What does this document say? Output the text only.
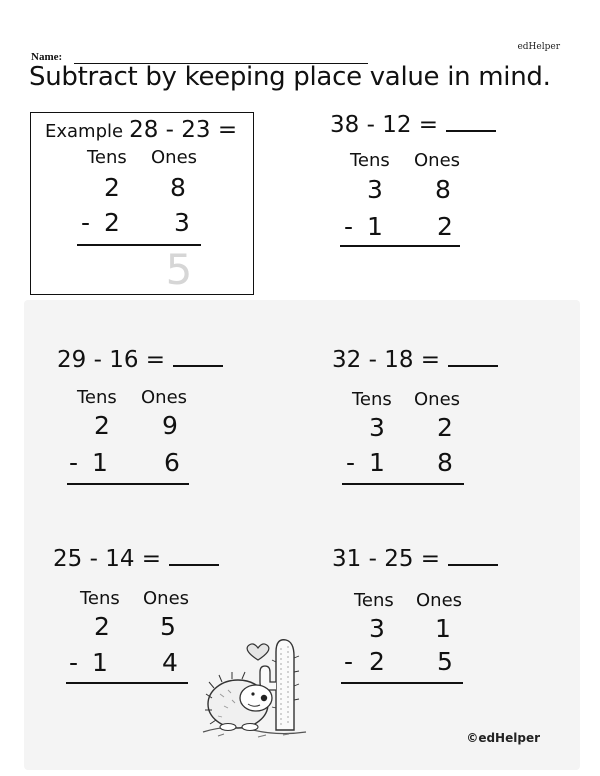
edHelper
Name:
Subtract by keeping place value in mind.
Example 28 - 23 =
Tens Ones
2 8
- 2 3
5
38 - 12 =
Tens Ones
3 8
- 1 2
29 - 16 =
Tens Ones
2 9
- 1 6
32 - 18 =
Tens Ones
3 2
- 1 8
25 - 14 =
Tens Ones
2 5
- 1 4
31 - 25 =
Tens Ones
3 1
- 2 5
©edHelper
